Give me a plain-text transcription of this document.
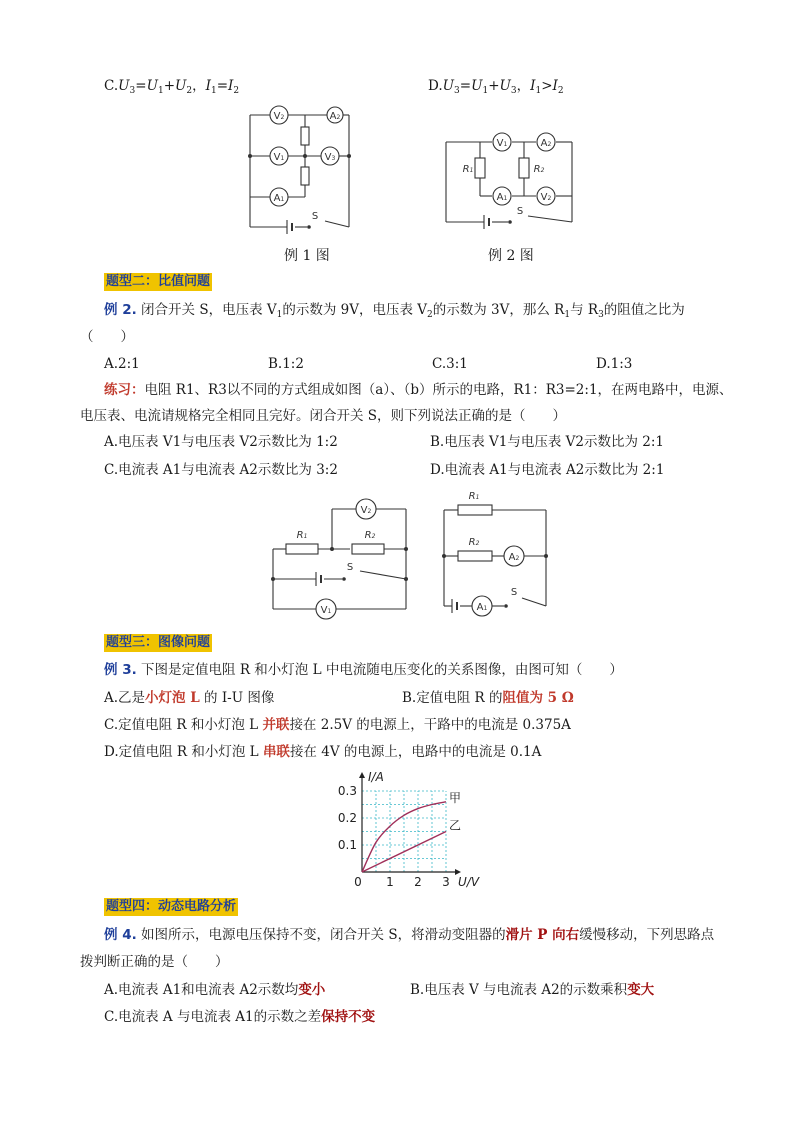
$C.U_3=U_1+U_2$，$I_1=I_2$	$D.U_3=U_1+U_3$，$I_1>I_2$
V2
V1
A1
A2
V3
S
V1	A2
A1	V2
R1	R2
S
例 1 图	例 2 图
题型二：比值问题
例 2. 闭合开关 S，电压表 $V_1$的示数为 9V，电压表 $V_2$的示数为 3V，那么 $R_1$与 $R_3$的阻值之比为
（　　）
A.2:1	B.1:2	C.3:1	D.1:3
练习：电阻 R1、R3以不同的方式组成如图（a）、（b）所示的电路，R1：R3=2:1，在两电路中，电源、
电压表、电流请规格完全相同且完好。闭合开关 S，则下列说法正确的是（　　）
A.电压表 V1与电压表 V2示数比为 1:2	B.电压表 V1与电压表 V2示数比为 2:1
C.电流表 A1与电流表 A2示数比为 3:2	D.电流表 A1与电流表 A2示数比为 2:1
V2
V1
R1	R2
S
R1
R2
A2
A1
S
题型三：图像问题
例 3. 下图是定值电阻 R 和小灯泡 L 中电流随电压变化的关系图像，由图可知（　　）
A.乙是小灯泡 L 的 I-U 图像	B.定值电阻 R 的阻值为 5 Ω
C.定值电阻 R 和小灯泡 L 并联接在 2.5V 的电源上，干路中的电流是 0.375A
D.定值电阻 R 和小灯泡 L 串联接在 4V 的电源上，电路中的电流是 0.1A
I/A
U/V
0 1 2 3
0.1
0.2
0.3	甲
乙
题型四：动态电路分析
例 4. 如图所示，电源电压保持不变，闭合开关 S，将滑动变阻器的滑片 P 向右缓慢移动，下列思路点
拨判断正确的是（　　）
A.电流表 A1和电流表 A2示数均变小	B.电压表 V 与电流表 A2的示数乘积变大
C.电流表 A 与电流表 A1的示数之差保持不变
